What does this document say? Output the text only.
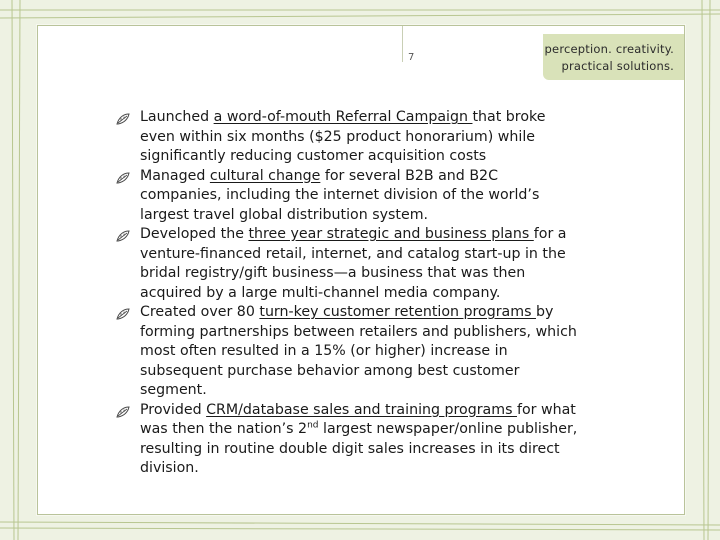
7
perception. creativity.
practical solutions.
Launched a word-of-mouth Referral Campaign that broke even within six months ($25 product honorarium) while significantly reducing customer acquisition costs
Managed cultural change for several B2B and B2C companies, including the internet division of the world’s largest travel global distribution system.
Developed the three year strategic and business plans for a venture-financed retail, internet, and catalog start-up in the bridal registry/gift business—a business that was then acquired by a large multi-channel media company.
Created over 80 turn-key customer retention programs by forming partnerships between retailers and publishers, which most often resulted in a 15% (or higher) increase in subsequent purchase behavior among best customer segment.
Provided CRM/database sales and training programs for what was then the nation’s 2nd largest newspaper/online publisher, resulting in routine double digit sales increases in its direct division.
